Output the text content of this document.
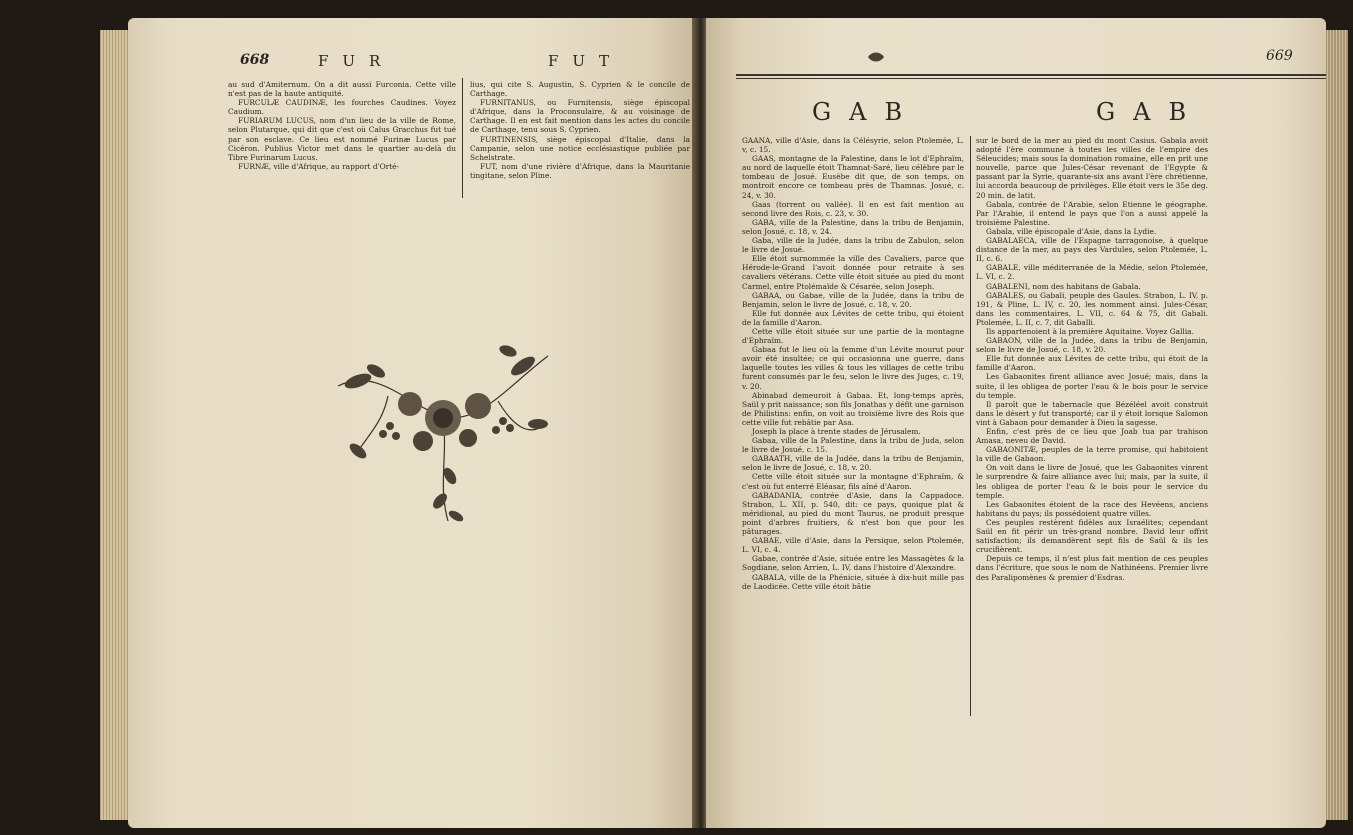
668	FUR	FUT

au sud d'Amiternum. On a dit aussi Furconia. Cette ville n'est pas de la haute antiquité.

FURCULÆ CAUDINÆ, les fourches Caudines. Voyez Caudium.

FURIARUM LUCUS, nom d'un lieu de la ville de Rome, selon Plutarque, qui dit que c'est où Caïus Gracchus fut tué par son esclave. Ce lieu est nommé Furinæ Lucus par Cicéron. Publius Victor met dans le quartier au-delà du Tibre Furinarum Lucus.

FURNÆ, ville d'Afrique, au rapport d'Orté-

lius, qui cite S. Augustin, S. Cyprien & le concile de Carthage.

FURNITANUS, ou Furnitensis, siège épiscopal d'Afrique, dans la Proconsulaire, & au voisinage de Carthage. Il en est fait mention dans les actes du concile de Carthage, tenu sous S. Cyprien.

FURTINENSIS, siège épiscopal d'Italie, dans la Campanie, selon une notice ecclésiastique publiée par Schelstrate.

FUT, nom d'une rivière d'Afrique, dans la Mauritanie tingitane, selon Pline.

669
GAB	GAB

GAANA, ville d'Asie, dans la Célésyrie, selon Ptolemée, L. v, c. 15.

GAAS, montagne de la Palestine, dans le lot d'Ephraïm, au nord de laquelle étoit Thamnat-Saré, lieu célèbre par le tombeau de Josué. Eusèbe dit que, de son temps, on montroit encore ce tombeau près de Thamnas. Josué, c. 24, v. 30.

Gaas (torrent ou vallée). Il en est fait mention au second livre des Rois, c. 23, v. 30.

GABA, ville de la Palestine, dans la tribu de Benjamin, selon Josué, c. 18, v. 24.

Gaba, ville de la Judée, dans la tribu de Zabulon, selon le livre de Josué.

Elle étoit surnommée la ville des Cavaliers, parce que Hérode-le-Grand l'avoit donnée pour retraite à ses cavaliers vétérans. Cette ville étoit située au pied du mont Carmel, entre Ptolémaïde & Césarée, selon Joseph.

GABAA, ou Gabae, ville de la Judée, dans la tribu de Benjamin, selon le livre de Josué, c. 18, v. 20.

Elle fut donnée aux Lévites de cette tribu, qui étoient de la famille d'Aaron.

Cette ville étoit située sur une partie de la montagne d'Ephraïm.

Gabaa fut le lieu où la femme d'un Lévite mourut pour avoir été insultée; ce qui occasionna une guerre, dans laquelle toutes les villes & tous les villages de cette tribu furent consumés par le feu, selon le livre des Juges, c. 19, v. 20.

Abinabad demeuroit à Gabaa. Et, long-temps après, Saül y prit naissance; son fils Jonathas y défit une garnison de Philistins: enfin, on voit au troisième livre des Rois que cette ville fut rebâtie par Asa.

Joseph la place à trente stades de Jérusalem.

Gabaa, ville de la Palestine, dans la tribu de Juda, selon le livre de Josué, c. 15.

GABAATH, ville de la Judée, dans la tribu de Benjamin, selon le livre de Josué, c. 18, v. 20.

Cette ville étoit située sur la montagne d'Ephraïm, & c'est où fut enterré Eléasar, fils aîné d'Aaron.

GABADANIA, contrée d'Asie, dans la Cappadoce. Strabon, L. XII, p. 540, dit: ce pays, quoique plat & méridional, au pied du mont Taurus, ne produit presque point d'arbres fruitiers, & n'est bon que pour les pâturages.

GABAE, ville d'Asie, dans la Persique, selon Ptolemée, L. VI, c. 4.

Gabae, contrée d'Asie, située entre les Massagètes & la Sogdiane, selon Arrien, L. IV, dans l'histoire d'Alexandre.

GABALA, ville de la Phénicie, située à dix-huit mille pas de Laodicée. Cette ville étoit bâtie

sur le bord de la mer au pied du mont Casius. Gabala avoit adopté l'ère commune à toutes les villes de l'empire des Séleucides; mais sous la domination romaine, elle en prit une nouvelle, parce que Jules-César revenant de l'Egypte & passant par la Syrie, quarante-six ans avant l'ère chrétienne, lui accorda beaucoup de privilèges. Elle étoit vers le 35e deg. 20 min. de latit.

Gabala, contrée de l'Arabie, selon Etienne le géographe. Par l'Arabie, il entend le pays que l'on a aussi appelé la troisième Palestine.

Gabala, ville épiscopale d'Asie, dans la Lydie.

GABALAECA, ville de l'Espagne tarragonoise, à quelque distance de la mer, au pays des Vardules, selon Ptolemée, L. II, c. 6.

GABALE, ville méditerranée de la Médie, selon Ptolemée, L. VI, c. 2.

GABALENI, nom des habitans de Gabala.

GABALES, ou Gabali, peuple des Gaules. Strabon, L. IV, p. 191, & Pline, L. IV, c. 20, les nomment ainsi. Jules-César, dans les commentaires, L. VII, c. 64 & 75, dit Gabali. Ptolemée, L. II, c. 7, dit Gaballi.

Ils appartenoient à la première Aquitaine. Voyez Gallia.

GABAON, ville de la Judée, dans la tribu de Benjamin, selon le livre de Josué, c. 18, v. 20.

Elle fut donnée aux Lévites de cette tribu, qui étoit de la famille d'Aaron.

Les Gabaonites firent alliance avec Josué; mais, dans la suite, il les obligea de porter l'eau & le bois pour le service du temple.

Il paroît que le tabernacle que Bézéléel avoit construit dans le désert y fut transporté; car il y étoit lorsque Salomon vint à Gabaon pour demander à Dieu la sagesse.

Enfin, c'est près de ce lieu que Joab tua par trahison Amasa, neveu de David.

GABAONITÆ, peuples de la terre promise, qui habitoient la ville de Gabaon.

On voit dans le livre de Josué, que les Gabaonites vinrent le surprendre & faire alliance avec lui; mais, par la suite, il les obligea de porter l'eau & le bois pour le service du temple.

Les Gabaonites étoient de la race des Hevéens, anciens habitans du pays; ils possédoient quatre villes.

Ces peuples restèrent fidèles aux Israélites; cependant Saül en fit périr un très-grand nombre. David leur offrit satisfaction; ils demandèrent sept fils de Saül & ils les crucifièrent.

Depuis ce temps, il n'est plus fait mention de ces peuples dans l'écriture, que sous le nom de Nathinéens. Premier livre des Paralipomènes & premier d'Esdras.
